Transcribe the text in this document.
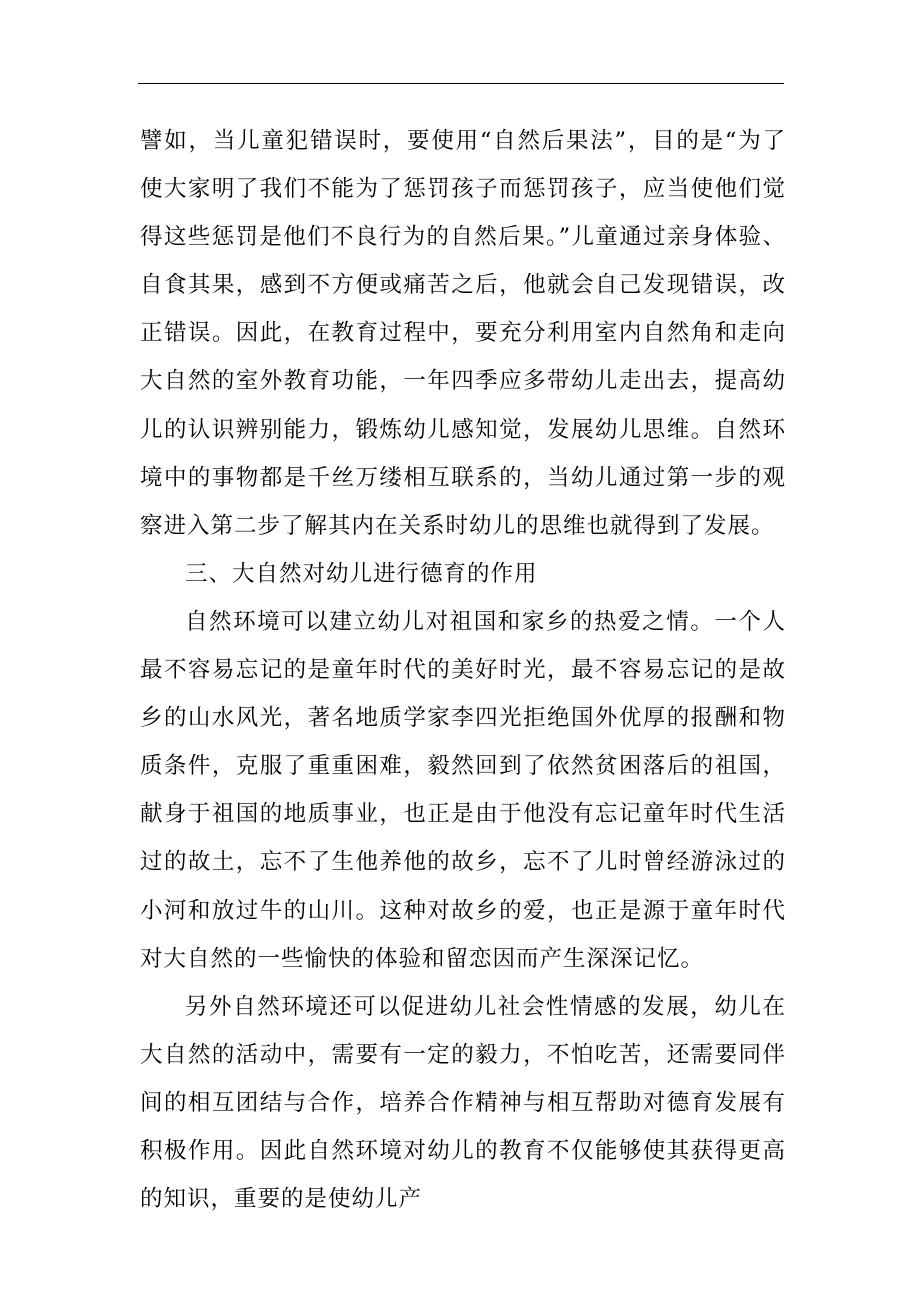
譬如，当儿童犯错误时，要使用“自然后果法”，目的是“为了使大家明了我们不能为了惩罚孩子而惩罚孩子，应当使他们觉得这些惩罚是他们不良行为的自然后果。”儿童通过亲身体验、自食其果，感到不方便或痛苦之后，他就会自己发现错误，改正错误。因此，在教育过程中，要充分利用室内自然角和走向大自然的室外教育功能，一年四季应多带幼儿走出去，提高幼儿的认识辨别能力，锻炼幼儿感知觉，发展幼儿思维。自然环境中的事物都是千丝万缕相互联系的，当幼儿通过第一步的观察进入第二步了解其内在关系时幼儿的思维也就得到了发展。

三、大自然对幼儿进行德育的作用

自然环境可以建立幼儿对祖国和家乡的热爱之情。一个人最不容易忘记的是童年时代的美好时光，最不容易忘记的是故乡的山水风光，著名地质学家李四光拒绝国外优厚的报酬和物质条件，克服了重重困难，毅然回到了依然贫困落后的祖国，献身于祖国的地质事业，也正是由于他没有忘记童年时代生活过的故土，忘不了生他养他的故乡，忘不了儿时曾经游泳过的小河和放过牛的山川。这种对故乡的爱，也正是源于童年时代对大自然的一些愉快的体验和留恋因而产生深深记忆。

另外自然环境还可以促进幼儿社会性情感的发展，幼儿在大自然的活动中，需要有一定的毅力，不怕吃苦，还需要同伴间的相互团结与合作，培养合作精神与相互帮助对德育发展有积极作用。因此自然环境对幼儿的教育不仅能够使其获得更高的知识，重要的是使幼儿产
